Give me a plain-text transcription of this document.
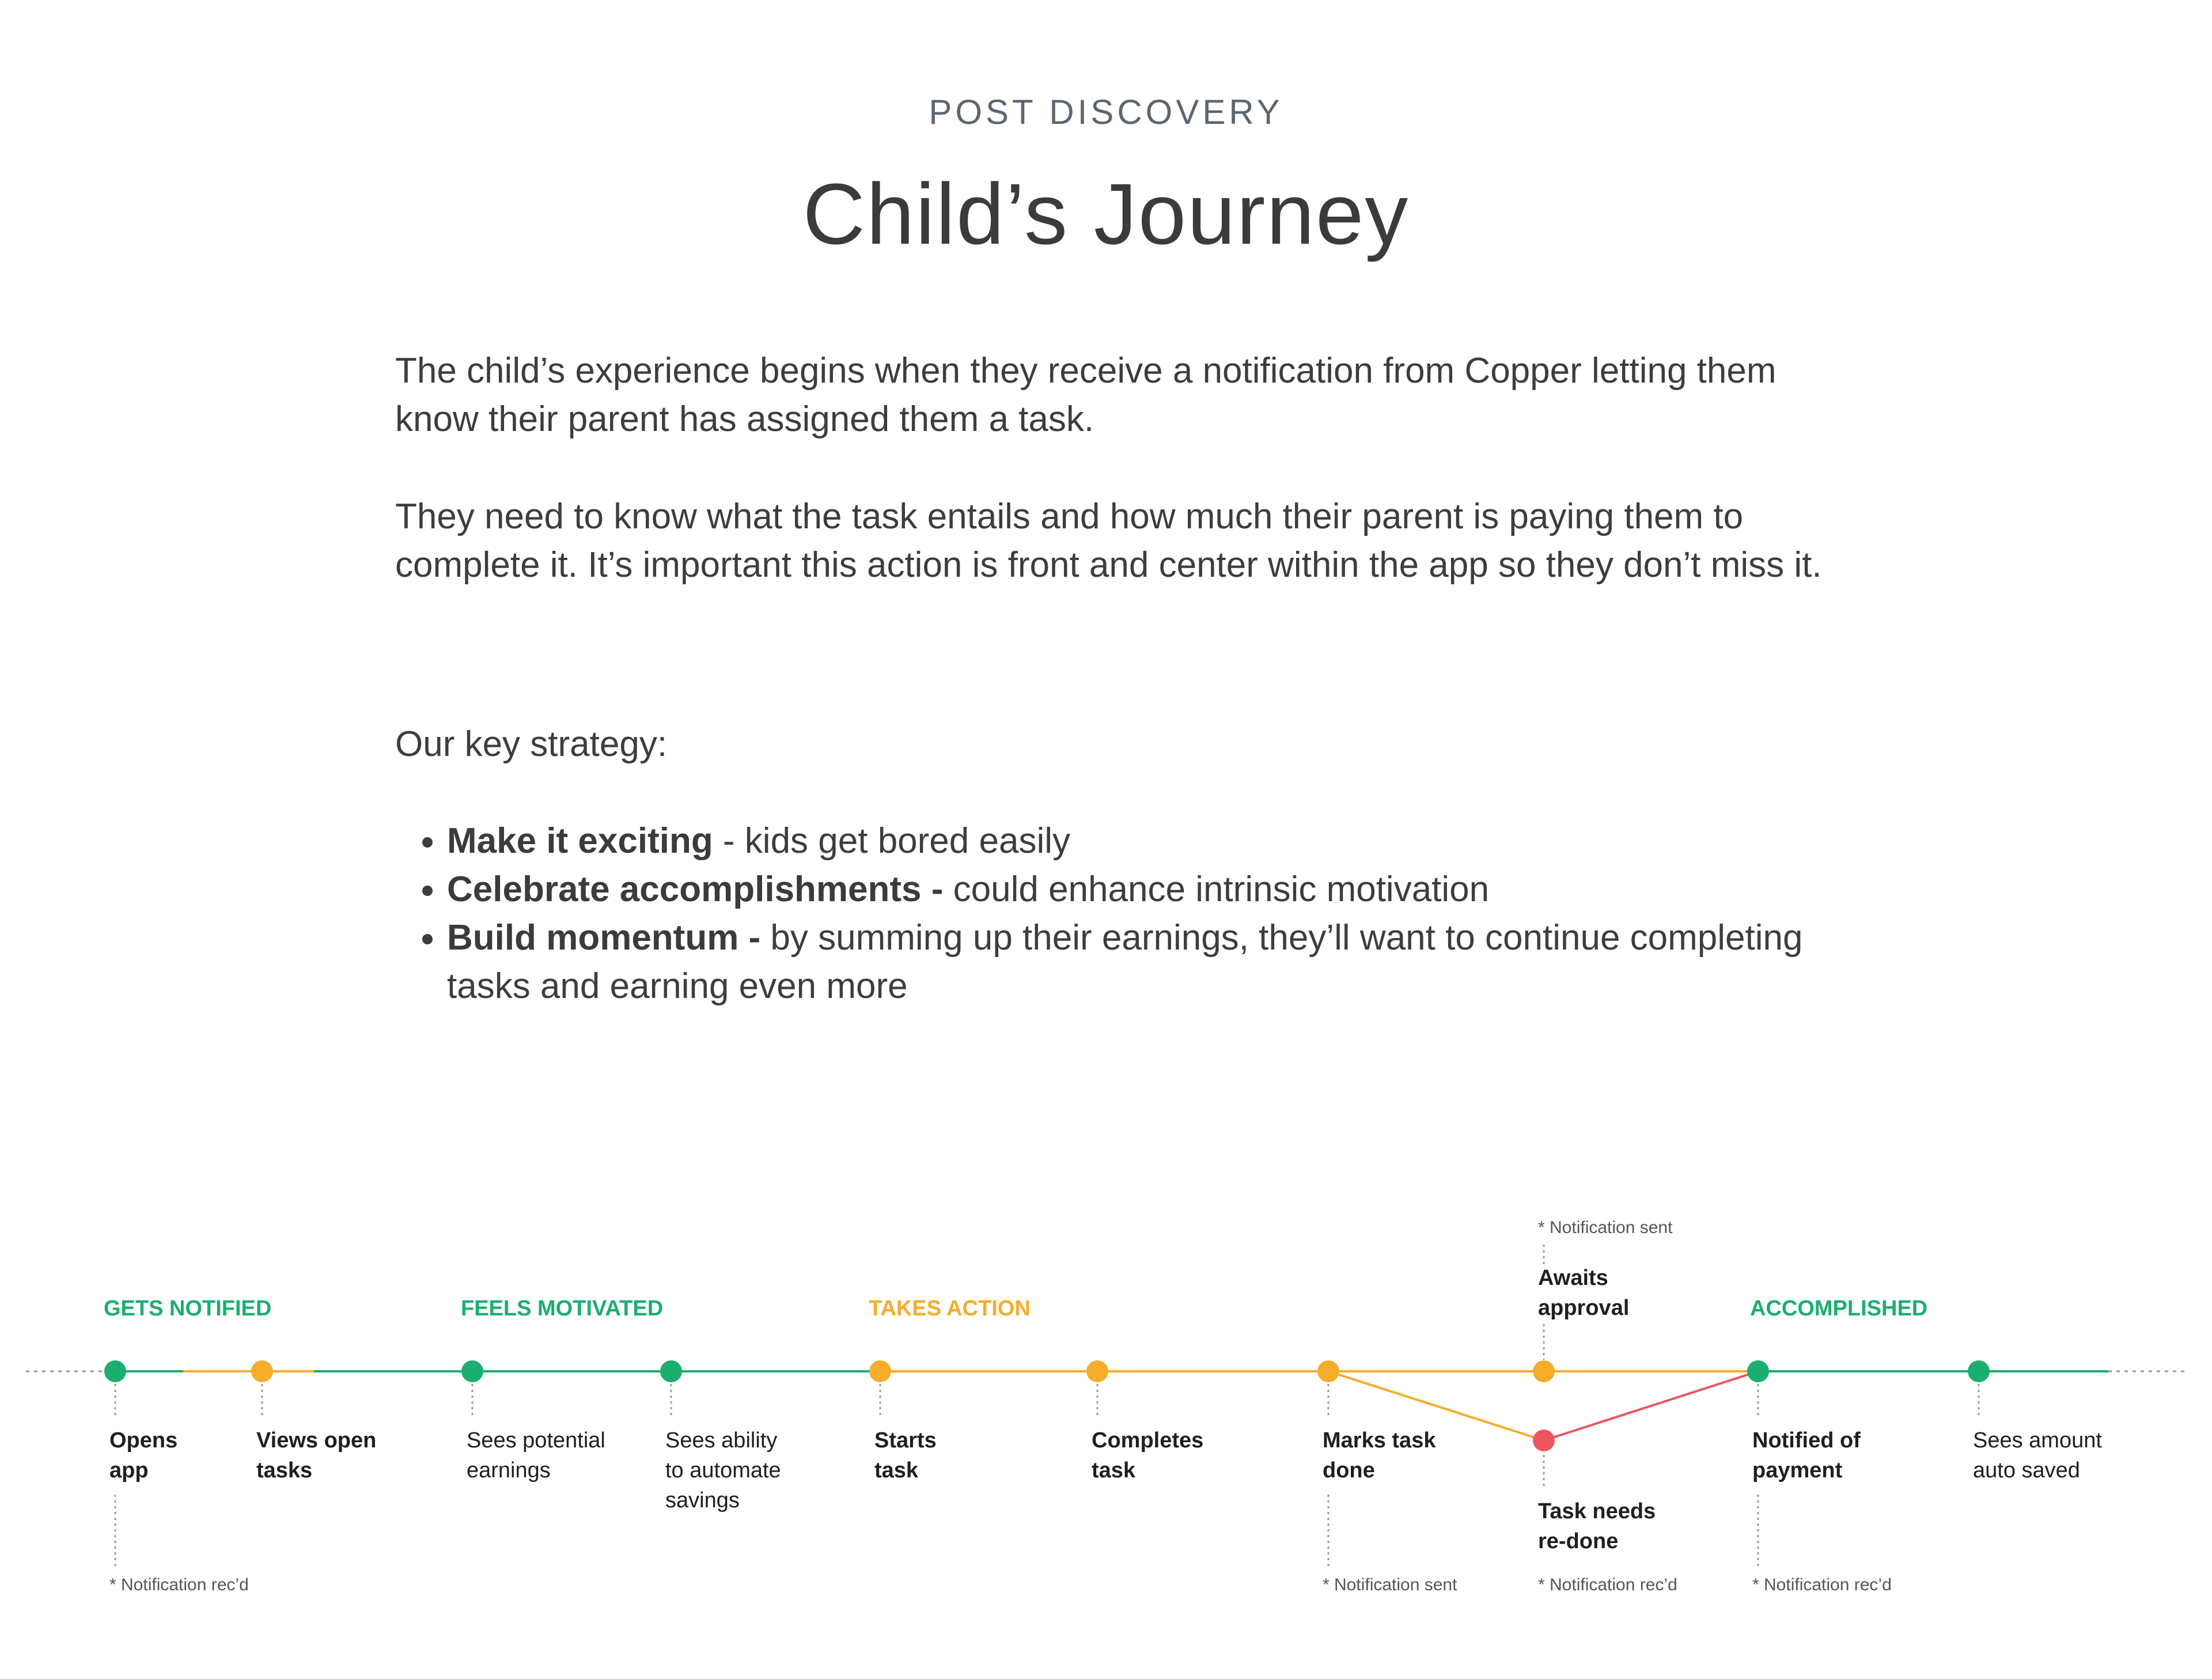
POST DISCOVERY
Child’s Journey
The child’s experience begins when they receive a notification from Copper letting them know their parent has assigned them a task.
They need to know what the task entails and how much their parent is paying them to complete it. It’s important this action is front and center within the app so they don’t miss it.
Our key strategy:
• Make it exciting - kids get bored easily
• Celebrate accomplishments - could enhance intrinsic motivation
• Build momentum - by summing up their earnings, they’ll want to continue completing tasks and earning even more
GETS NOTIFIED	FEELS MOTIVATED	TAKES ACTION	ACCOMPLISHED
Opens
app
* Notification rec’d
Views open
tasks
Sees potential
earnings
Sees ability
to automate
savings
Starts
task
Completes
task
Marks task
done
* Notification sent
* Notification sent
Awaits
approval
Task needs
re-done
* Notification rec’d
Notified of
payment
* Notification rec’d
Sees amount
auto saved
